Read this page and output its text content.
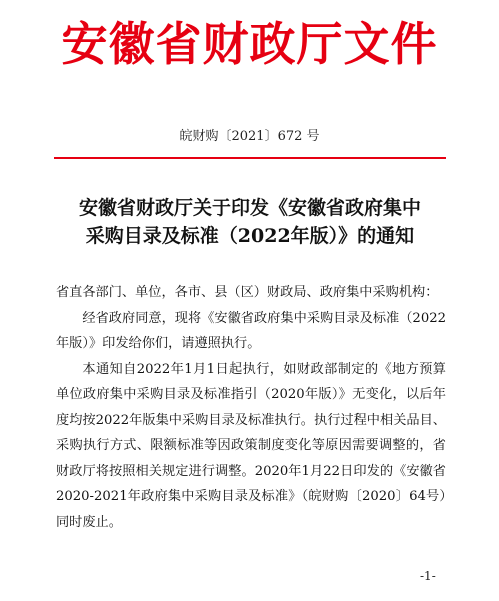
安徽省财政厅文件
皖财购〔2021〕672 号
安徽省财政厅关于印发《安徽省政府集中
采购目录及标准（2022年版）》的通知

省直各部门、单位，各市、县（区）财政局、政府集中采购机构：

经省政府同意，现将《安徽省政府集中采购目录及标准（2022年版）》印发给你们，请遵照执行。

本通知自2022年1月1日起执行，如财政部制定的《地方预算单位政府集中采购目录及标准指引（2020年版）》无变化，以后年度均按2022年版集中采购目录及标准执行。执行过程中相关品目、采购执行方式、限额标准等因政策制度变化等原因需要调整的，省财政厅将按照相关规定进行调整。2020年1月22日印发的《安徽省2020-2021年政府集中采购目录及标准》（皖财购〔2020〕64号）同时废止。

-1-
